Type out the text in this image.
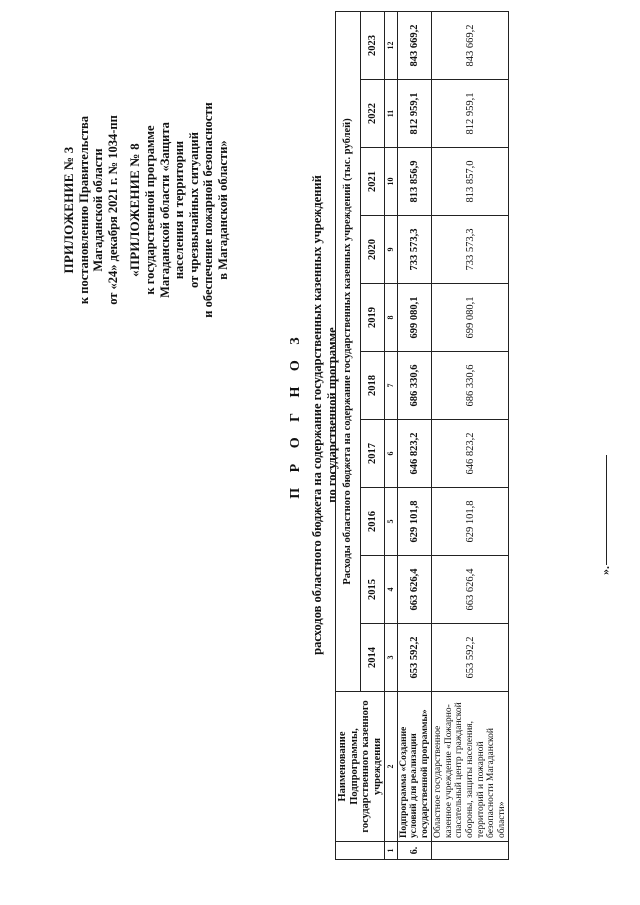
ПРИЛОЖЕНИЕ № 3 к постановлению Правительства Магаданской области от «24» декабря 2021 г. № 1034-пп «ПРИЛОЖЕНИЕ № 8 к государственной программе Магаданской области «Защита населения и территории от чрезвычайных ситуаций и обеспечение пожарной безопасности в Магаданской области»
П Р О Г Н О З расходов областного бюджета на содержание государственных казенных учреждений по государственной программе
	Наименование Подпрограммы, государственного казенного учреждения	Расходы областного бюджета на содержание государственных казенных учреждений (тыс. рублей)									
		2014	2015	2016	2017	2018	2019	2020	2021	2022	2023
1	2	3	4	5	6	7	8	9	10	11	12
6.	Подпрограмма «Создание условий для реализации государственной программы»	653 592,2	663 626,4	629 101,8	646 823,2	686 330,6	699 080,1	733 573,3	813 856,9	812 959,1	843 669,2
	Областное государственное казенное учреждение «Пожарно-спасательный центр гражданской обороны, защиты населения, территорий и пожарной безопасности Магаданской области»	653 592,2	663 626,4	629 101,8	646 823,2	686 330,6	699 080,1	733 573,3	813 857,0	812 959,1	843 669,2
».
